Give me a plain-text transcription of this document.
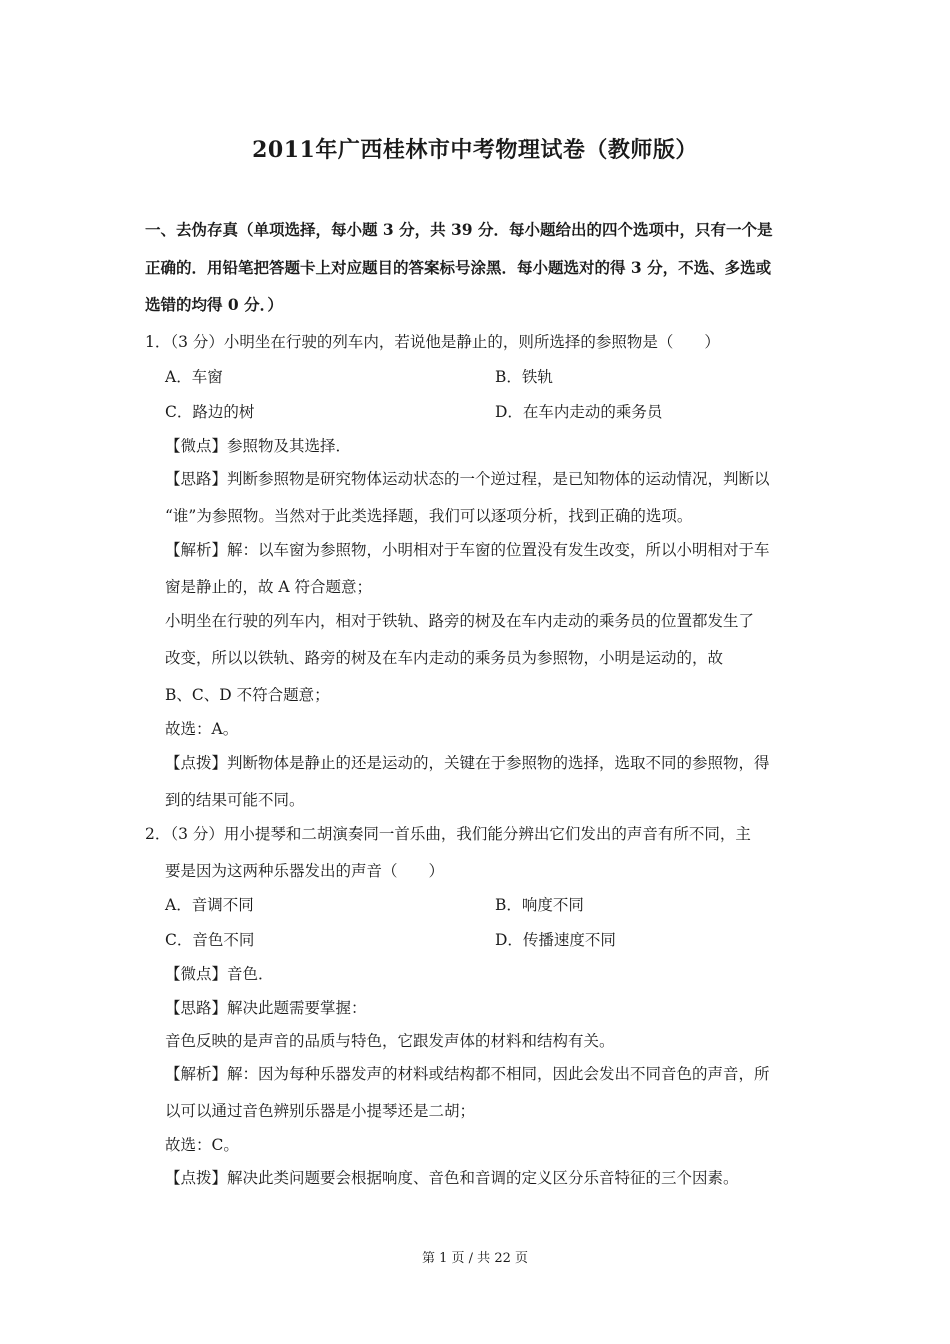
2011年广西桂林市中考物理试卷（教师版）
一、去伪存真（单项选择，每小题 3 分，共 39 分．每小题给出的四个选项中，只有一个是
正确的．用铅笔把答题卡上对应题目的答案标号涂黑．每小题选对的得 3 分，不选、多选或
选错的均得 0 分．）
1．（3 分）小明坐在行驶的列车内，若说他是静止的，则所选择的参照物是（　　）
A．车窗	B．铁轨
C．路边的树	D．在车内走动的乘务员
【微点】参照物及其选择．
【思路】判断参照物是研究物体运动状态的一个逆过程，是已知物体的运动情况，判断以
“谁”为参照物。当然对于此类选择题，我们可以逐项分析，找到正确的选项。
【解析】解：以车窗为参照物，小明相对于车窗的位置没有发生改变，所以小明相对于车
窗是静止的，故 A 符合题意；
小明坐在行驶的列车内，相对于铁轨、路旁的树及在车内走动的乘务员的位置都发生了
改变，所以以铁轨、路旁的树及在车内走动的乘务员为参照物，小明是运动的，故
B、C、D 不符合题意；
故选：A。
【点拨】判断物体是静止的还是运动的，关键在于参照物的选择，选取不同的参照物，得
到的结果可能不同。
2．（3 分）用小提琴和二胡演奏同一首乐曲，我们能分辨出它们发出的声音有所不同，主
要是因为这两种乐器发出的声音（　　）
A．音调不同	B．响度不同
C．音色不同	D．传播速度不同
【微点】音色．
【思路】解决此题需要掌握：
音色反映的是声音的品质与特色，它跟发声体的材料和结构有关。
【解析】解：因为每种乐器发声的材料或结构都不相同，因此会发出不同音色的声音，所
以可以通过音色辨别乐器是小提琴还是二胡；
故选：C。
【点拨】解决此类问题要会根据响度、音色和音调的定义区分乐音特征的三个因素。
第 1 页 / 共 22 页
